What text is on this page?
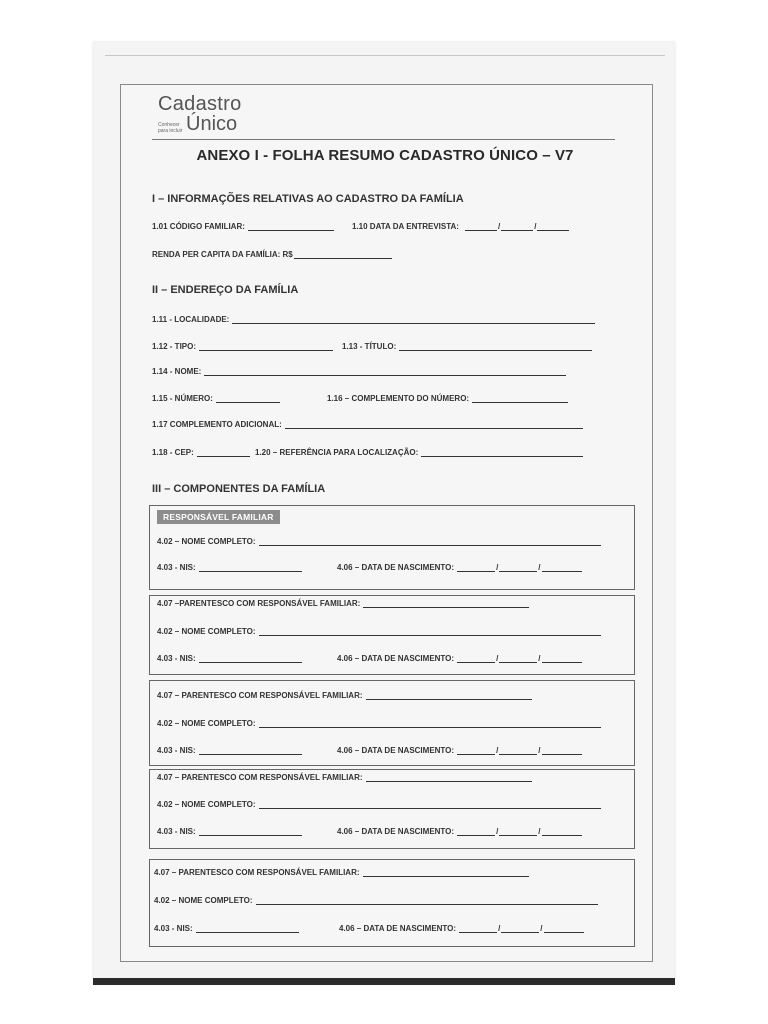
Cadastro
Conhecer para incluir Único
ANEXO I - FOLHA RESUMO CADASTRO ÚNICO – V7
I – INFORMAÇÕES RELATIVAS AO CADASTRO DA FAMÍLIA
1.01 CÓDIGO FAMILIAR:	1.10 DATA DA ENTREVISTA:	/	/
RENDA PER CAPITA DA FAMÍLIA: R$
II – ENDEREÇO DA FAMÍLIA
1.11 - LOCALIDADE:
1.12 - TIPO:	1.13 - TÍTULO:
1.14 - NOME:
1.15 - NÚMERO:	1.16 – COMPLEMENTO DO NÚMERO:
1.17 COMPLEMENTO ADICIONAL:
1.18 - CEP:	1.20 – REFERÊNCIA PARA LOCALIZAÇÃO:
III – COMPONENTES DA FAMÍLIA
RESPONSÁVEL FAMILIAR
4.02 – NOME COMPLETO:
4.03 - NIS:	4.06 – DATA DE NASCIMENTO:	/	/
4.07 –PARENTESCO COM RESPONSÁVEL FAMILIAR:
4.02 – NOME COMPLETO:
4.03 - NIS:	4.06 – DATA DE NASCIMENTO:	/	/
4.07 – PARENTESCO COM RESPONSÁVEL FAMILIAR:
4.02 – NOME COMPLETO:
4.03 - NIS:	4.06 – DATA DE NASCIMENTO:	/	/
4.07 – PARENTESCO COM RESPONSÁVEL FAMILIAR:
4.02 – NOME COMPLETO:
4.03 - NIS:	4.06 – DATA DE NASCIMENTO:	/	/
4.07 – PARENTESCO COM RESPONSÁVEL FAMILIAR:
4.02 – NOME COMPLETO:
4.03 - NIS:	4.06 – DATA DE NASCIMENTO:	/	/
